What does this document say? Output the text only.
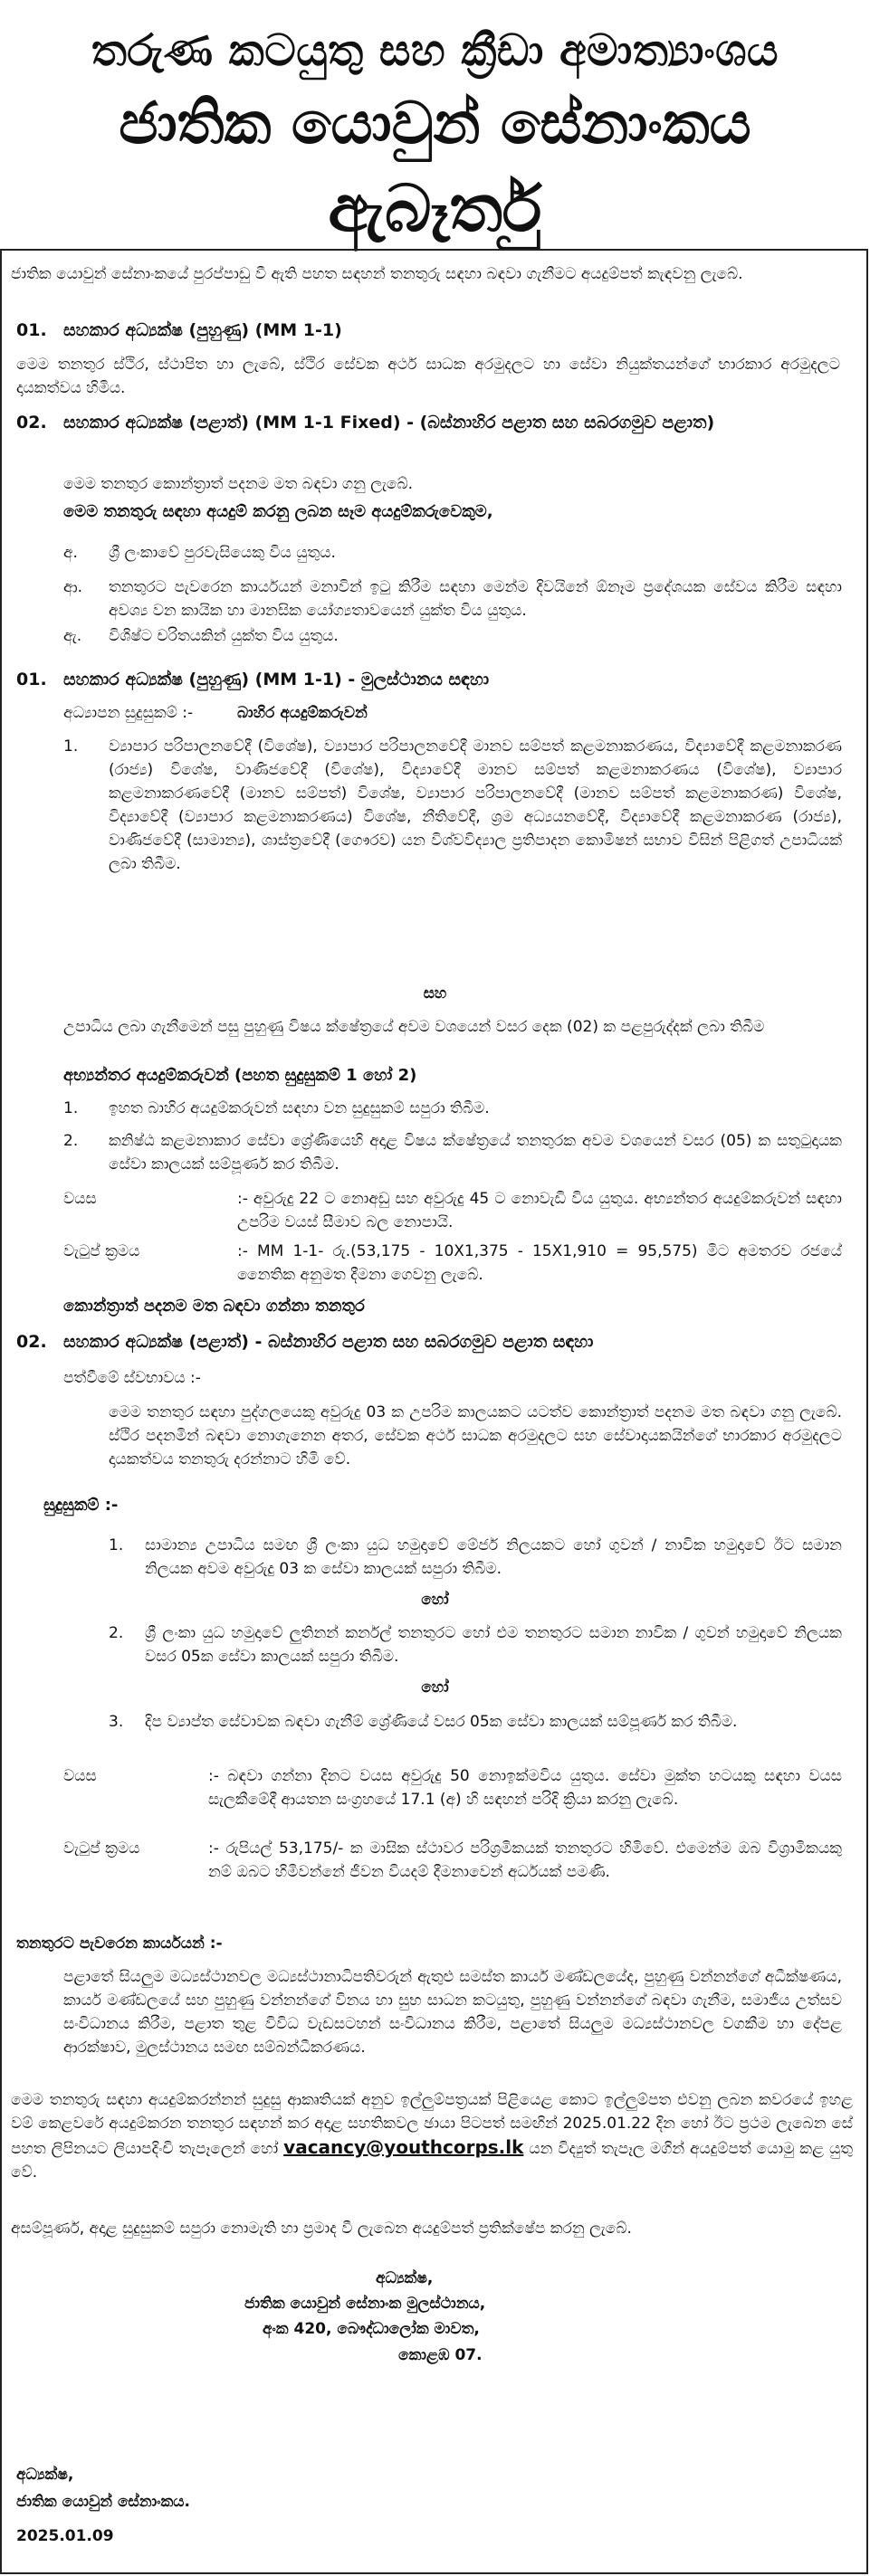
තරුණ කටයුතු සහ ක්‍රීඩා අමාත්‍යාංශය
ජාතික යොවුන් සේනාංකය
ඇබෑර්තු
ජාතික යොවුන් සේනාංකයේ පුරප්පාඩු වී ඇති පහත සඳහන් තනතුරු සඳහා බඳවා ගැනීමට අයදුම්පත් කැඳවනු ලැබේ.
01. සහකාර අධ්‍යක්ෂ (පුහුණු) (MM 1-1)
මෙම තනතුර ස්ථිර, ස්ථාපිත හා ලැබේ, ස්ථිර සේවක අර්ථ සාධක අරමුදලට හා සේවා නියුක්තයන්ගේ භාරකාර අරමුදලට දායකත්වය හිමිය.
02. සහකාර අධ්‍යක්ෂ (පළාත්) (MM 1-1 Fixed) - (බස්නාහිර පළාත සහ සබරගමුව පළාත)
මෙම තනතුර කොන්ත්‍රාත් පදනම මත බඳවා ගනු ලැබේ.
මෙම තනතුරු සඳහා අයදුම් කරනු ලබන සෑම අයදුම්කරුවෙකුම,
අ. ශ්‍රී ලංකාවේ පුරවැසියෙකු විය යුතුය.
ආ. තනතුරට පැවරෙන කාර්යයන් මනාවින් ඉටු කිරීම සඳහා මෙන්ම දිවයිනේ ඕනෑම ප්‍රදේශයක සේවය කිරීම සඳහා අවශ්‍ය වන කායික හා මානසික යෝග්‍යතාවයෙන් යුක්ත විය යුතුය.
ඇ. විශිෂ්ට චරිතයකින් යුක්ත විය යුතුය.
01. සහකාර අධ්‍යක්ෂ (පුහුණු) (MM 1-1) - මුලස්ථානය සඳහා
අධ්‍යාපන සුදුසුකම් :-	බාහිර අයදුම්කරුවන්
1. ව්‍යාපාර පරිපාලනවේදී (විශේෂ), ව්‍යාපාර පරිපාලනවේදී මානව සම්පත් කළමනාකරණය, විද්‍යාවේදී කළමනාකරණ (රාජ්‍ය) විශේෂ, වාණිජවේදී (විශේෂ), විද්‍යාවේදී මානව සම්පත් කළමනාකරණය (විශේෂ), ව්‍යාපාර කළමනාකරණවේදී (මානව සම්පත්) විශේෂ, ව්‍යාපාර පරිපාලනවේදී (මානව සම්පත් කළමනාකරණ) විශේෂ, විද්‍යාවේදී (ව්‍යාපාර කළමනාකරණය) විශේෂ, නීතිවේදී, ශ්‍රම අධ්‍යයනවේදී, විද්‍යාවේදී කළමනාකරණ (රාජ්‍ය), වාණිජවේදී (සාමාන්‍ය), ශාස්ත්‍රවේදී (ගෞරව) යන විශ්වවිද්‍යාල ප්‍රතිපාදන කොමිෂන් සභාව විසින් පිළිගත් උපාධියක් ලබා තිබීම.
සහ
උපාධිය ලබා ගැනීමෙන් පසු පුහුණු විෂය ක්ෂේත්‍රයේ අවම වශයෙන් වසර දෙක (02) ක පළපුරුද්දක් ලබා තිබීම
අභ්‍යන්තර අයදුම්කරුවන් (පහත සුදුසුකම් 1 හෝ 2)
1. ඉහත බාහිර අයදුම්කරුවන් සඳහා වන සුදුසුකම් සපුරා තිබීම.
2. කනිෂ්ඨ කළමනාකාර සේවා ශ්‍රේණියෙහි අදාළ විෂය ක්ෂේත්‍රයේ තනතුරක අවම වශයෙන් වසර (05) ක සතුටුදායක සේවා කාලයක් සම්පූර්ණ කර තිබීම.
වයස	:- අවුරුදු 22 ට නොඅඩු සහ අවුරුදු 45 ට නොවැඩි විය යුතුය. අභ්‍යන්තර අයදුම්කරුවන් සඳහා උපරිම වයස් සීමාව බල නොපායි.
වැටුප් ක්‍රමය	:- MM 1-1- රු.(53,175 - 10X1,375 - 15X1,910 = 95,575) මිට අමතරව රජයේ නෛතික අනුමත දීමනා ගෙවනු ලැබේ.
කොන්ත්‍රාත් පදනම මත බඳවා ගන්නා තනතුර
02. සහකාර අධ්‍යක්ෂ (පළාත්) - බස්නාහිර පළාත සහ සබරගමුව පළාත සඳහා
පත්වීමේ ස්වභාවය :-
මෙම තනතුර සඳහා පුද්ගලයෙකු අවුරුදු 03 ක උපරිම කාලයකට යටත්ව කොන්ත්‍රාත් පදනම මත බඳවා ගනු ලැබේ. ස්ථිර පදනමින් බඳවා නොගැනෙන අතර, සේවක අර්ථ සාධක අරමුදලට සහ සේවාදායකයින්ගේ භාරකාර අරමුදලට දායකත්වය තනතුරු දරන්නාට හිමි වේ.
සුදුසුකම් :-
1. සාමාන්‍ය උපාධිය සමඟ ශ්‍රී ලංකා යුධ හමුදාවේ මේජර් නිලයකට හෝ ගුවන් / නාවික හමුදාවේ ඊට සමාන නිලයක අවම අවුරුදු 03 ක සේවා කාලයක් සපුරා තිබීම.
හෝ
2. ශ්‍රී ලංකා යුධ හමුදාවේ ලුතිනන් කර්නල් තනතුරට හෝ එම තනතුරට සමාන නාවික / ගුවන් හමුදාවේ නිලයක වසර 05ක සේවා කාලයක් සපුරා තිබීම.
හෝ
3. දිප ව්‍යාප්ත සේවාවක බඳවා ගැනීම් ශ්‍රේණියේ වසර 05ක සේවා කාලයක් සම්පූර්ණ කර තිබීම.
වයස	:- බඳවා ගන්නා දිනට වයස අවුරුදු 50 නොඉක්මවිය යුතුය. සේවා මුක්ත හටයකු සඳහා වයස සැලකීමේදී ආයතන සංග්‍රහයේ 17.1 (අ) හි සඳහන් පරිදි ක්‍රියා කරනු ලැබේ.
වැටුප් ක්‍රමය	:- රුපියල් 53,175/- ක මාසික ස්ථාවර පරිශ්‍රමිකයක් තනතුරට හිමිවේ. එමෙන්ම ඔබ විශ්‍රාමිකයකු නම් ඔබට හිමිවන්නේ ජීවන වියදම් දීමනාවෙන් අර්ධයක් පමණි.
තනතුරට පැවරෙන කාර්යයන් :-
පළාතේ සියලුම මධ්‍යස්ථානවල මධ්‍යස්ථානාධිපතිවරුන් ඇතුළු සමස්ත කාර්ය මණ්ඩලයේද, පුහුණු වන්නන්ගේ අධීක්ෂණය, කාර්ය මණ්ඩලයේ සහ පුහුණු වන්නන්ගේ විනය හා සුභ සාධන කටයුතු, පුහුණු වන්නන්ගේ බඳවා ගැනීම, සමාජීය උත්සව සංවිධානය කිරීම, පළාත තුළ විවිධ වැඩසටහන් සංවිධානය කිරීම, පළාතේ සියලුම මධ්‍යස්ථානවල වගකීම හා දේපළ ආරක්ෂාව, මුලස්ථානය සමඟ සම්බන්ධීකරණය.
මෙම තනතුරු සඳහා අයදුම්කරන්නන් සුදුසු ආකෘතියක් අනුව ඉල්ලුම්පත්‍රයක් පිළියෙළ කොට ඉල්ලුම්පත එවනු ලබන කවරයේ ඉහළ වම් කෙළවරේ අයදුම්කරන තනතුර සඳහන් කර අදාළ සහතිකවල ඡායා පිටපත් සමඟින් 2025.01.22 දින හෝ ඊට ප්‍රථම ලැබෙන සේ පහත ලිපිනයට ලියාපදිංචි තැපෑලෙන් හෝ vacancy@youthcorps.lk යන විද්‍යුත් තැපෑල මගින් අයදුම්පත් යොමු කළ යුතු වේ.
අසම්පූර්ණ, අදාළ සුදුසුකම් සපුරා නොමැති හා ප්‍රමාද වී ලැබෙන අයදුම්පත් ප්‍රතික්ෂේප කරනු ලැබේ.
අධ්‍යක්ෂ,
ජාතික යොවුන් සේනාංක මුලස්ථානය,
අංක 420, බෞද්ධාලෝක මාවත,
කොළඹ 07.
අධ්‍යක්ෂ,
ජාතික යොවුන් සේනාංකය.
2025.01.09
